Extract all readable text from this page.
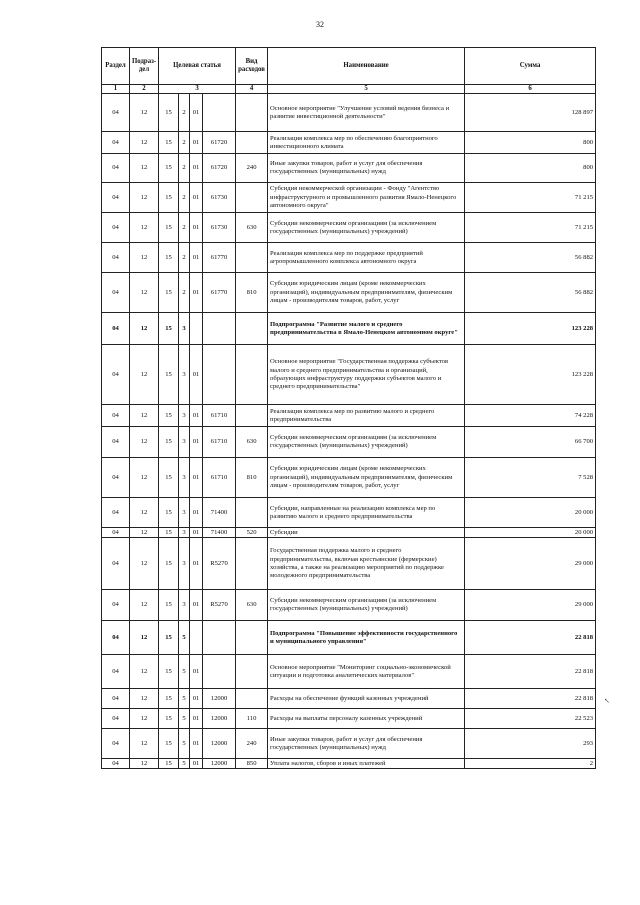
32
Раздел	Подраз-дел	Целевая статья				Вид расходов	Наименование	Сумма
1	2	3				4	5	6
04	12	15	2	01			Основное мероприятие "Улучшение условий ведения бизнеса и развитие инвестиционной деятельности"	128 897
04	12	15	2	01	61720		Реализация комплекса мер по обеспечению благоприятного инвестиционного климата	800
04	12	15	2	01	61720	240	Иные закупки товаров, работ и услуг для обеспечения государственных (муниципальных) нужд	800
04	12	15	2	01	61730		Субсидия некоммерческой организации - Фонду "Агентство инфраструктурного и промышленного развития Ямало-Ненецкого автономного округа"	71 215
04	12	15	2	01	61730	630	Субсидии некоммерческим организациям (за исключением государственных (муниципальных) учреждений)	71 215
04	12	15	2	01	61770		Реализация комплекса мер по поддержке предприятий агропромышленного комплекса автономного округа	56 882
04	12	15	2	01	61770	810	Субсидии юридическим лицам (кроме некоммерческих организаций), индивидуальным предпринимателям, физическим лицам - производителям товаров, работ, услуг	56 882
04	12	15	3				Подпрограмма "Развитие малого и среднего предпринимательства в Ямало-Ненецком автономном округе"	123 228
04	12	15	3	01			Основное мероприятие "Государственная поддержка субъектов малого и среднего предпринимательства и организаций, образующих инфраструктуру поддержки субъектов малого и среднего предпринимательства"	123 228
04	12	15	3	01	61710		Реализация комплекса мер по развитию малого и среднего предпринимательства	74 228
04	12	15	3	01	61710	630	Субсидии некоммерческим организациям (за исключением государственных (муниципальных) учреждений)	66 700
04	12	15	3	01	61710	810	Субсидии юридическим лицам (кроме некоммерческих организаций), индивидуальным предпринимателям, физическим лицам - производителям товаров, работ, услуг	7 528
04	12	15	3	01	71400		Субсидии, направленные на реализацию комплекса мер по развитию малого и среднего предпринимательства	20 000
04	12	15	3	01	71400	520	Субсидии	20 000
04	12	15	3	01	R5270		Государственная поддержка малого и среднего предпринимательства, включая крестьянские (фермерские) хозяйства, а также на реализацию мероприятий по поддержке молодежного предпринимательства	29 000
04	12	15	3	01	R5270	630	Субсидии некоммерческим организациям (за исключением государственных (муниципальных) учреждений)	29 000
04	12	15	5				Подпрограмма "Повышение эффективности государственного и муниципального управления"	22 818
04	12	15	5	01			Основное мероприятие "Мониторинг социально-экономической ситуации и подготовка аналитических материалов"	22 818
04	12	15	5	01	12000		Расходы на обеспечение функций казенных учреждений	22 818
04	12	15	5	01	12000	110	Расходы на выплаты персоналу казенных учреждений	22 523
04	12	15	5	01	12000	240	Иные закупки товаров, работ и услуг для обеспечения государственных (муниципальных) нужд	293
04	12	15	5	01	12000	850	Уплата налогов, сборов и иных платежей	2
↖
